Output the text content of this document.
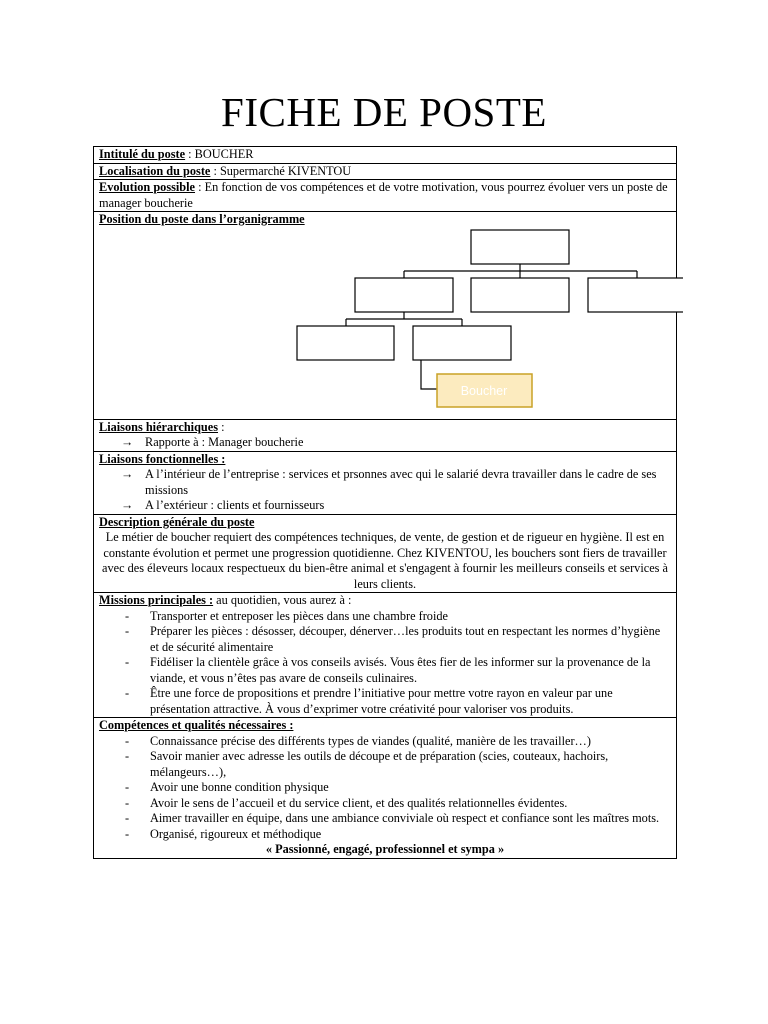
FICHE DE POSTE
Intitulé du poste : BOUCHER
Localisation du poste : Supermarché KIVENTOU
Evolution possible : En fonction de vos compétences et de votre motivation, vous pourrez évoluer vers un poste de manager boucherie

Position du poste dans l’organigramme
Boucher

Liaisons hiérarchiques :
→ Rapporte à : Manager boucherie

Liaisons fonctionnelles :
→ A l’intérieur de l’entreprise : services et prsonnes avec qui le salarié devra travailler dans le cadre de ses missions
→ A l’extérieur : clients et fournisseurs

Description générale du poste
Le métier de boucher requiert des compétences techniques, de vente, de gestion et de rigueur en hygiène. Il est en constante évolution et permet une progression quotidienne. Chez KIVENTOU, les bouchers sont fiers de travailler avec des éleveurs locaux respectueux du bien-être animal et s'engagent à fournir les meilleurs conseils et services à leurs clients.

Missions principales : au quotidien, vous aurez à :
- Transporter et entreposer les pièces dans une chambre froide
- Préparer les pièces : désosser, découper, dénerver…les produits tout en respectant les normes d’hygiène et de sécurité alimentaire
- Fidéliser la clientèle grâce à vos conseils avisés. Vous êtes fier de les informer sur la provenance de la viande, et vous n’êtes pas avare de conseils culinaires.
- Être une force de propositions et prendre l’initiative pour mettre votre rayon en valeur par une présentation attractive. À vous d’exprimer votre créativité pour valoriser vos produits.

Compétences et qualités nécessaires :
- Connaissance précise des différents types de viandes (qualité, manière de les travailler…)
- Savoir manier avec adresse les outils de découpe et de préparation (scies, couteaux, hachoirs, mélangeurs…),
- Avoir une bonne condition physique
- Avoir le sens de l’accueil et du service client, et des qualités relationnelles évidentes.
- Aimer travailler en équipe, dans une ambiance conviviale où respect et confiance sont les maîtres mots.
- Organisé, rigoureux et méthodique
« Passionné, engagé, professionnel et sympa »
